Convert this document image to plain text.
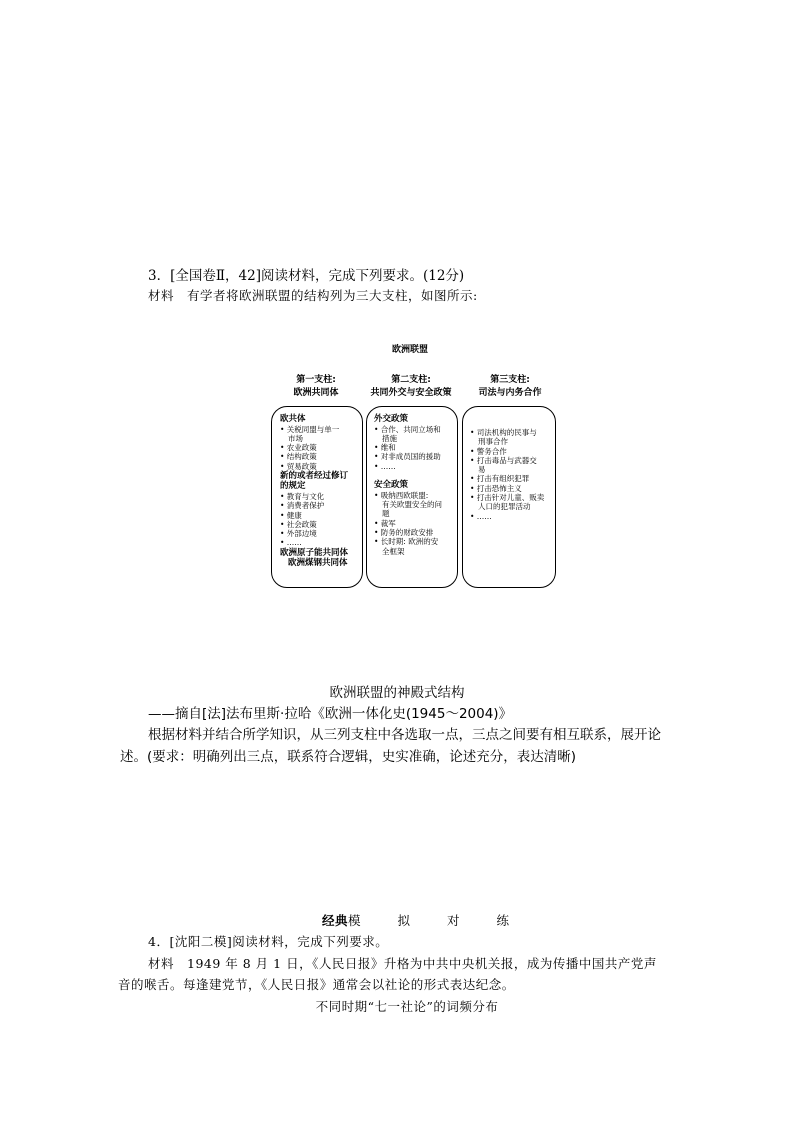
3．[全国卷Ⅱ，42]阅读材料，完成下列要求。(12分)
材料　有学者将欧洲联盟的结构列为三大支柱，如图所示:
欧洲联盟
第一支柱:
欧洲共同体
第二支柱:
共同外交与安全政策
第三支柱:
司法与内务合作
欧共体
• 关税同盟与单一
市场
• 农业政策
• 结构政策
• 贸易政策
新的或者经过修订
的规定
• 教育与文化
• 消费者保护
• 健康
• 社会政策
• 外部边境
• ……
欧洲原子能共同体
欧洲煤钢共同体
外交政策
• 合作、共同立场和
措施
• 维和
• 对非成员国的援助
• ……

安全政策
• 吸纳西欧联盟:
有关欧盟安全的问
题
• 裁军
• 防务的财政安排
• 长时期: 欧洲的安
全框架
• 司法机构的民事与
刑事合作
• 警务合作
• 打击毒品与武器交
易
• 打击有组织犯罪
• 打击恐怖主义
• 打击针对儿童、贩卖
人口的犯罪活动
• ……
欧洲联盟的神殿式结构
——摘自[法]法布里斯·拉哈《欧洲一体化史(1945～2004)》
根据材料并结合所学知识，从三列支柱中各选取一点，三点之间要有相互联系，展开论
述。(要求：明确列出三点，联系符合逻辑，史实准确，论述充分，表达清晰)
经典模	拟	对	练
4．[沈阳二模]阅读材料，完成下列要求。
材料　1949 年 8 月 1 日，《人民日报》升格为中共中央机关报，成为传播中国共产党声
音的喉舌。每逢建党节，《人民日报》通常会以社论的形式表达纪念。
不同时期“七一社论”的词频分布
